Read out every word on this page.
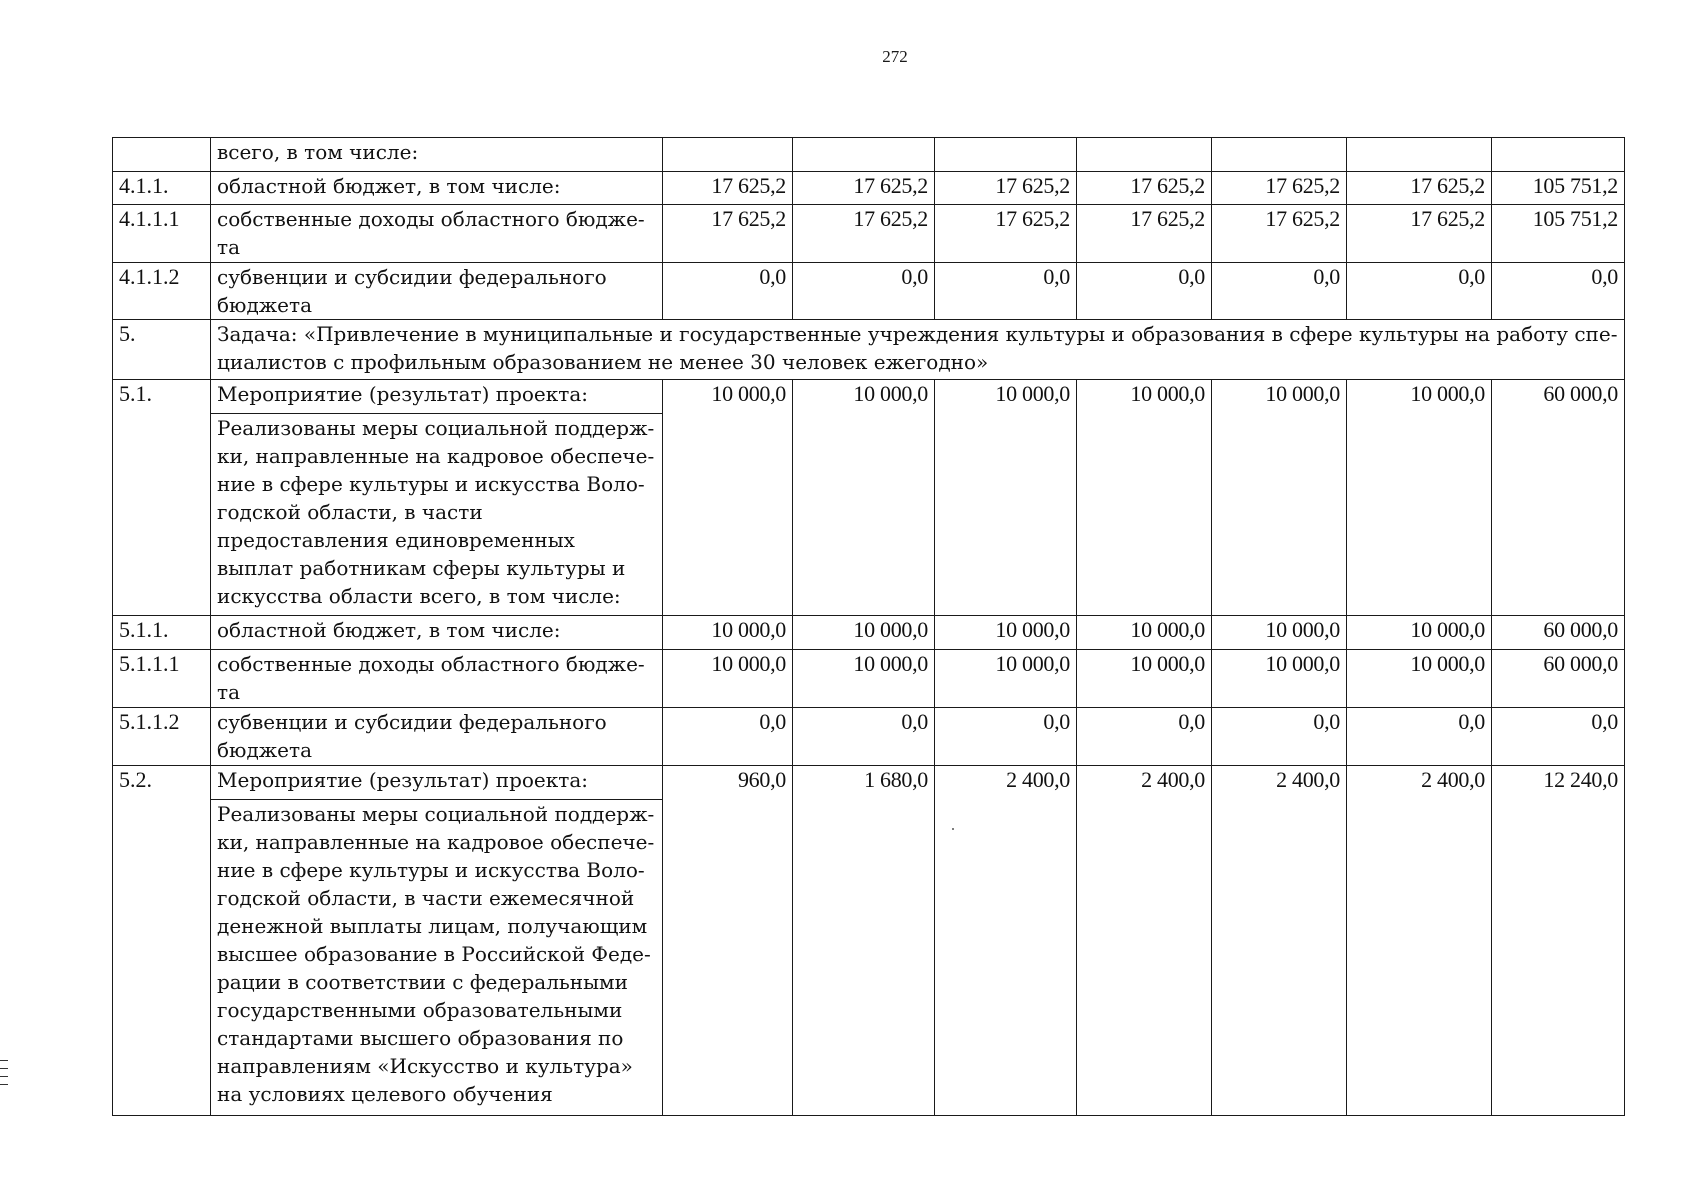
272
	всего, в том числе:							
4.1.1.	областной бюджет, в том числе:	17 625,2	17 625,2	17 625,2	17 625,2	17 625,2	17 625,2	105 751,2
4.1.1.1	собственные доходы областного бюдже-та	17 625,2	17 625,2	17 625,2	17 625,2	17 625,2	17 625,2	105 751,2
4.1.1.2	субвенции и субсидии федерального бюджета	0,0	0,0	0,0	0,0	0,0	0,0	0,0
5.	Задача: «Привлечение в муниципальные и государственные учреждения культуры и образования в сфере культуры на работу спе-циалистов с профильным образованием не менее 30 человек ежегодно»							
5.1.	Мероприятие (результат) проекта:	10 000,0	10 000,0	10 000,0	10 000,0	10 000,0	10 000,0	60 000,0
	Реализованы меры социальной поддерж-ки, направленные на кадровое обеспече-ние в сфере культуры и искусства Воло-годской области, в части предоставления единовременных выплат работникам сферы культуры и искусства области всего, в том числе:							
5.1.1.	областной бюджет, в том числе:	10 000,0	10 000,0	10 000,0	10 000,0	10 000,0	10 000,0	60 000,0
5.1.1.1	собственные доходы областного бюдже-та	10 000,0	10 000,0	10 000,0	10 000,0	10 000,0	10 000,0	60 000,0
5.1.1.2	субвенции и субсидии федерального бюджета	0,0	0,0	0,0	0,0	0,0	0,0	0,0
5.2.	Мероприятие (результат) проекта:	960,0	1 680,0	2 400,0	2 400,0	2 400,0	2 400,0	12 240,0
	Реализованы меры социальной поддерж-ки, направленные на кадровое обеспече-ние в сфере культуры и искусства Воло-годской области, в части ежемесячной денежной выплаты лицам, получающим высшее образование в Российской Феде-рации в соответствии с федеральными государственными образовательными стандартами высшего образования по направлениям «Искусство и культура» на условиях целевого обучения							
